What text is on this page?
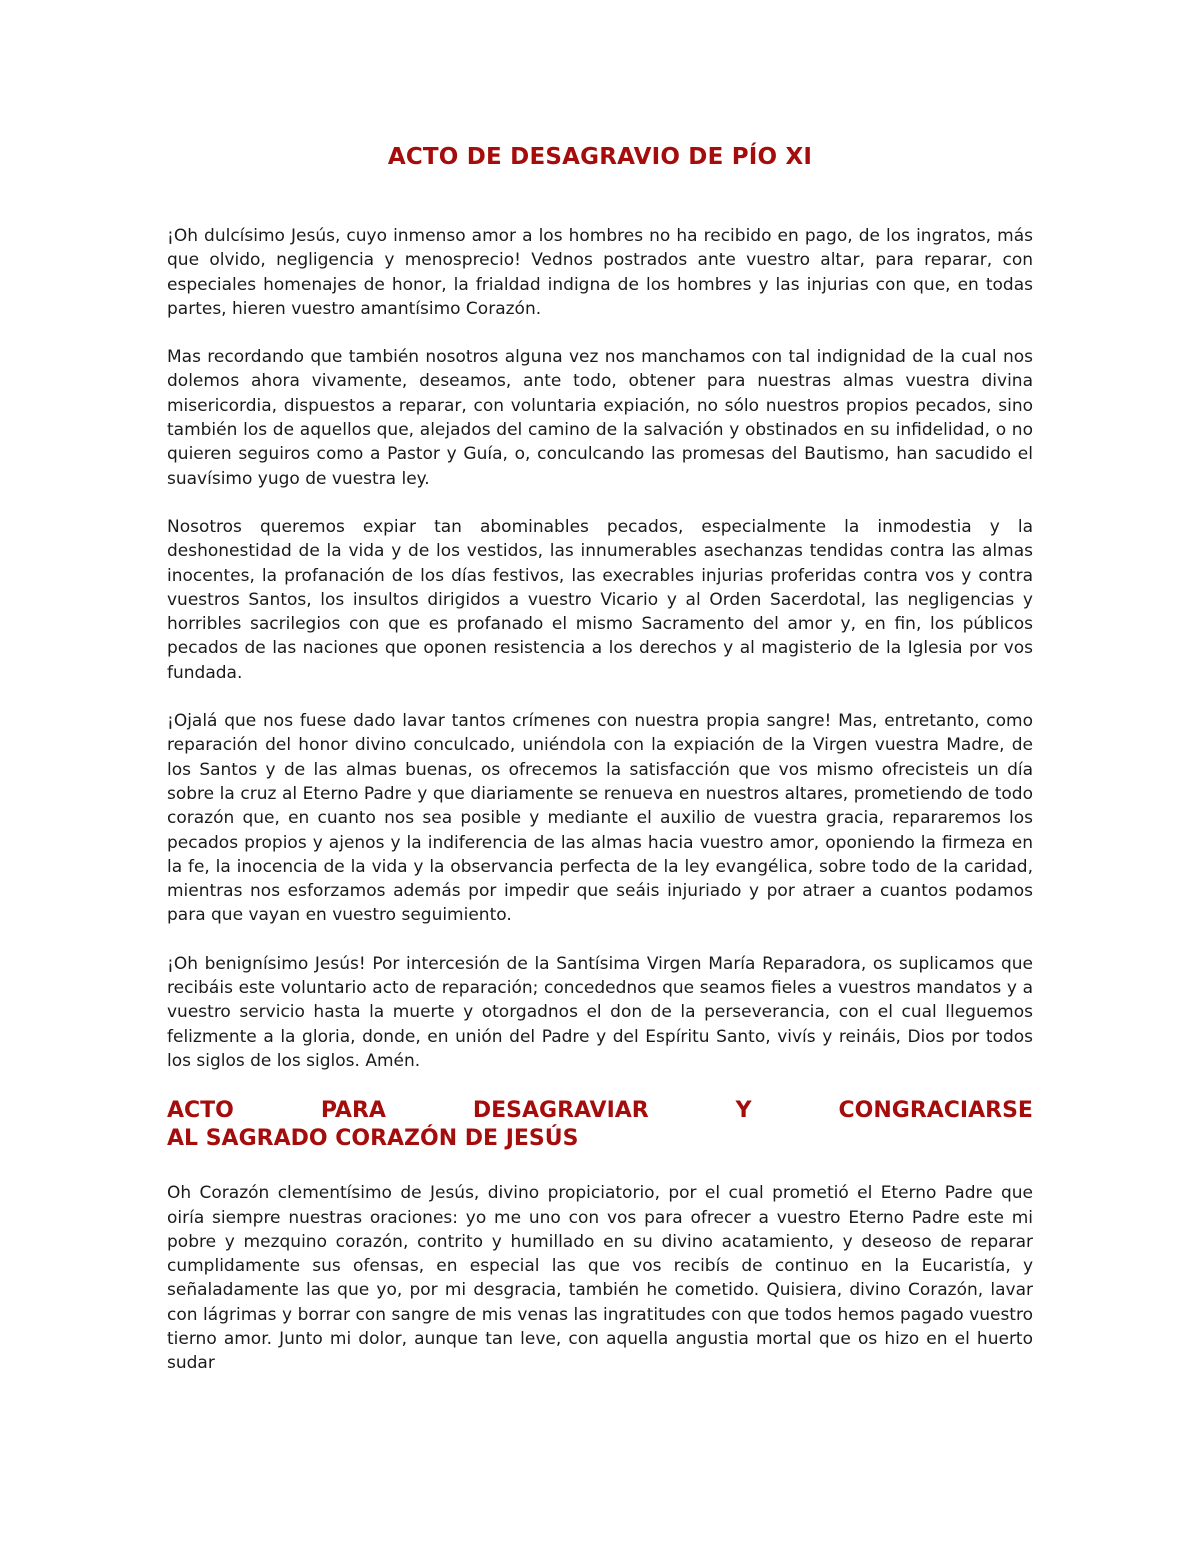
ACTO DE DESAGRAVIO DE PÍO XI

¡Oh dulcísimo Jesús, cuyo inmenso amor a los hombres no ha recibido en pago, de los ingratos, más que olvido, negligencia y menosprecio! Vednos postrados ante vuestro altar, para reparar, con especiales homenajes de honor, la frialdad indigna de los hombres y las injurias con que, en todas partes, hieren vuestro amantísimo Corazón.

Mas recordando que también nosotros alguna vez nos manchamos con tal indignidad de la cual nos dolemos ahora vivamente, deseamos, ante todo, obtener para nuestras almas vuestra divina misericordia, dispuestos a reparar, con voluntaria expiación, no sólo nuestros propios pecados, sino también los de aquellos que, alejados del camino de la salvación y obstinados en su infidelidad, o no quieren seguiros como a Pastor y Guía, o, conculcando las promesas del Bautismo, han sacudido el suavísimo yugo de vuestra ley.

Nosotros queremos expiar tan abominables pecados, especialmente la inmodestia y la deshonestidad de la vida y de los vestidos, las innumerables asechanzas tendidas contra las almas inocentes, la profanación de los días festivos, las execrables injurias proferidas contra vos y contra vuestros Santos, los insultos dirigidos a vuestro Vicario y al Orden Sacerdotal, las negligencias y horribles sacrilegios con que es profanado el mismo Sacramento del amor y, en fin, los públicos pecados de las naciones que oponen resistencia a los derechos y al magisterio de la Iglesia por vos fundada.

¡Ojalá que nos fuese dado lavar tantos crímenes con nuestra propia sangre! Mas, entretanto, como reparación del honor divino conculcado, uniéndola con la expiación de la Virgen vuestra Madre, de los Santos y de las almas buenas, os ofrecemos la satisfacción que vos mismo ofrecisteis un día sobre la cruz al Eterno Padre y que diariamente se renueva en nuestros altares, prometiendo de todo corazón que, en cuanto nos sea posible y mediante el auxilio de vuestra gracia, repararemos los pecados propios y ajenos y la indiferencia de las almas hacia vuestro amor, oponiendo la firmeza en la fe, la inocencia de la vida y la observancia perfecta de la ley evangélica, sobre todo de la caridad, mientras nos esforzamos además por impedir que seáis injuriado y por atraer a cuantos podamos para que vayan en vuestro seguimiento.

¡Oh benignísimo Jesús! Por intercesión de la Santísima Virgen María Reparadora, os suplicamos que recibáis este voluntario acto de reparación; concedednos que seamos fieles a vuestros mandatos y a vuestro servicio hasta la muerte y otorgadnos el don de la perseverancia, con el cual lleguemos felizmente a la gloria, donde, en unión del Padre y del Espíritu Santo, vivís y reináis, Dios por todos los siglos de los siglos. Amén.

ACTO	PARA	DESAGRAVIAR	Y	CONGRACIARSE
AL SAGRADO CORAZÓN DE JESÚS

Oh Corazón clementísimo de Jesús, divino propiciatorio, por el cual prometió el Eterno Padre que oiría siempre nuestras oraciones: yo me uno con vos para ofrecer a vuestro Eterno Padre este mi pobre y mezquino corazón, contrito y humillado en su divino acatamiento, y deseoso de reparar cumplidamente sus ofensas, en especial las que vos recibís de continuo en la Eucaristía, y señaladamente las que yo, por mi desgracia, también he cometido. Quisiera, divino Corazón, lavar con lágrimas y borrar con sangre de mis venas las ingratitudes con que todos hemos pagado vuestro tierno amor. Junto mi dolor, aunque tan leve, con aquella angustia mortal que os hizo en el huerto sudar
